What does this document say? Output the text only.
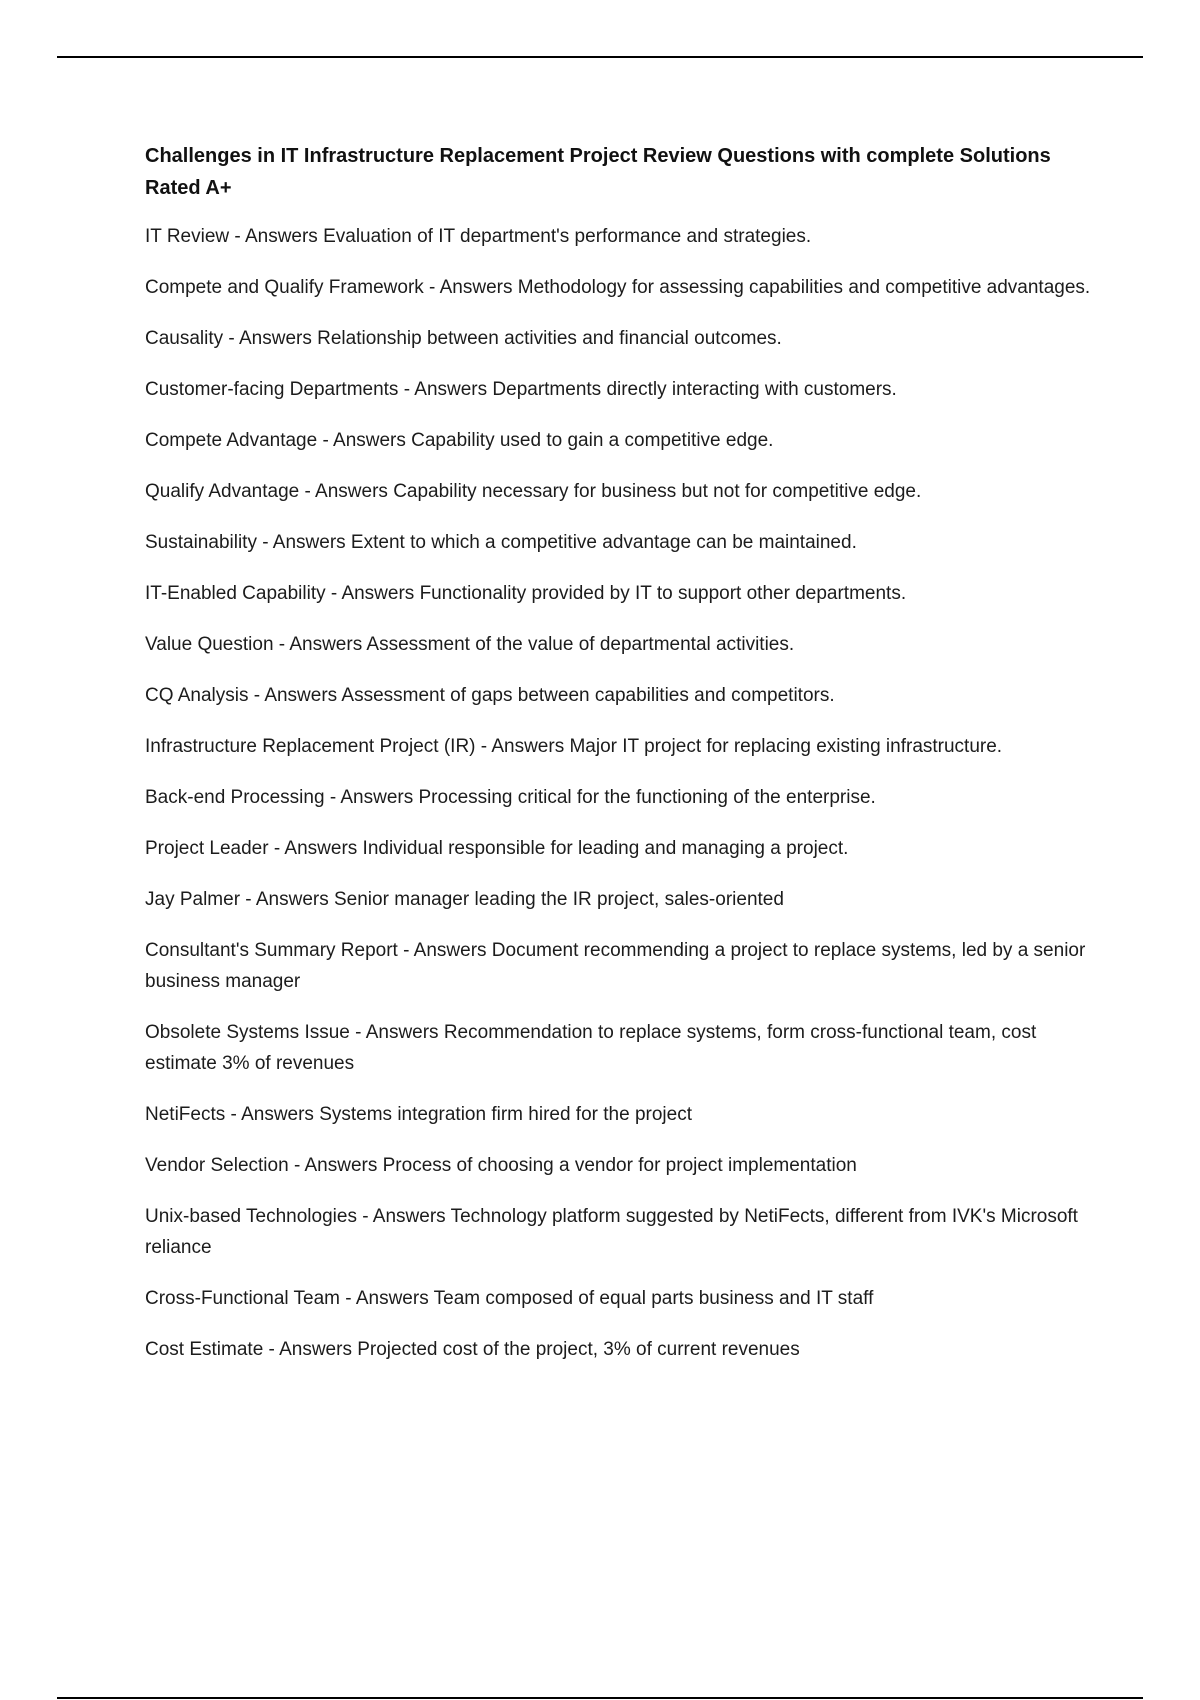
Challenges in IT Infrastructure Replacement Project Review Questions with complete Solutions Rated A+

IT Review - Answers Evaluation of IT department's performance and strategies.

Compete and Qualify Framework - Answers Methodology for assessing capabilities and competitive advantages.

Causality - Answers Relationship between activities and financial outcomes.

Customer-facing Departments - Answers Departments directly interacting with customers.

Compete Advantage - Answers Capability used to gain a competitive edge.

Qualify Advantage - Answers Capability necessary for business but not for competitive edge.

Sustainability - Answers Extent to which a competitive advantage can be maintained.

IT-Enabled Capability - Answers Functionality provided by IT to support other departments.

Value Question - Answers Assessment of the value of departmental activities.

CQ Analysis - Answers Assessment of gaps between capabilities and competitors.

Infrastructure Replacement Project (IR) - Answers Major IT project for replacing existing infrastructure.

Back-end Processing - Answers Processing critical for the functioning of the enterprise.

Project Leader - Answers Individual responsible for leading and managing a project.

Jay Palmer - Answers Senior manager leading the IR project, sales-oriented

Consultant's Summary Report - Answers Document recommending a project to replace systems, led by a senior business manager

Obsolete Systems Issue - Answers Recommendation to replace systems, form cross-functional team, cost estimate 3% of revenues

NetiFects - Answers Systems integration firm hired for the project

Vendor Selection - Answers Process of choosing a vendor for project implementation

Unix-based Technologies - Answers Technology platform suggested by NetiFects, different from IVK's Microsoft reliance

Cross-Functional Team - Answers Team composed of equal parts business and IT staff

Cost Estimate - Answers Projected cost of the project, 3% of current revenues
